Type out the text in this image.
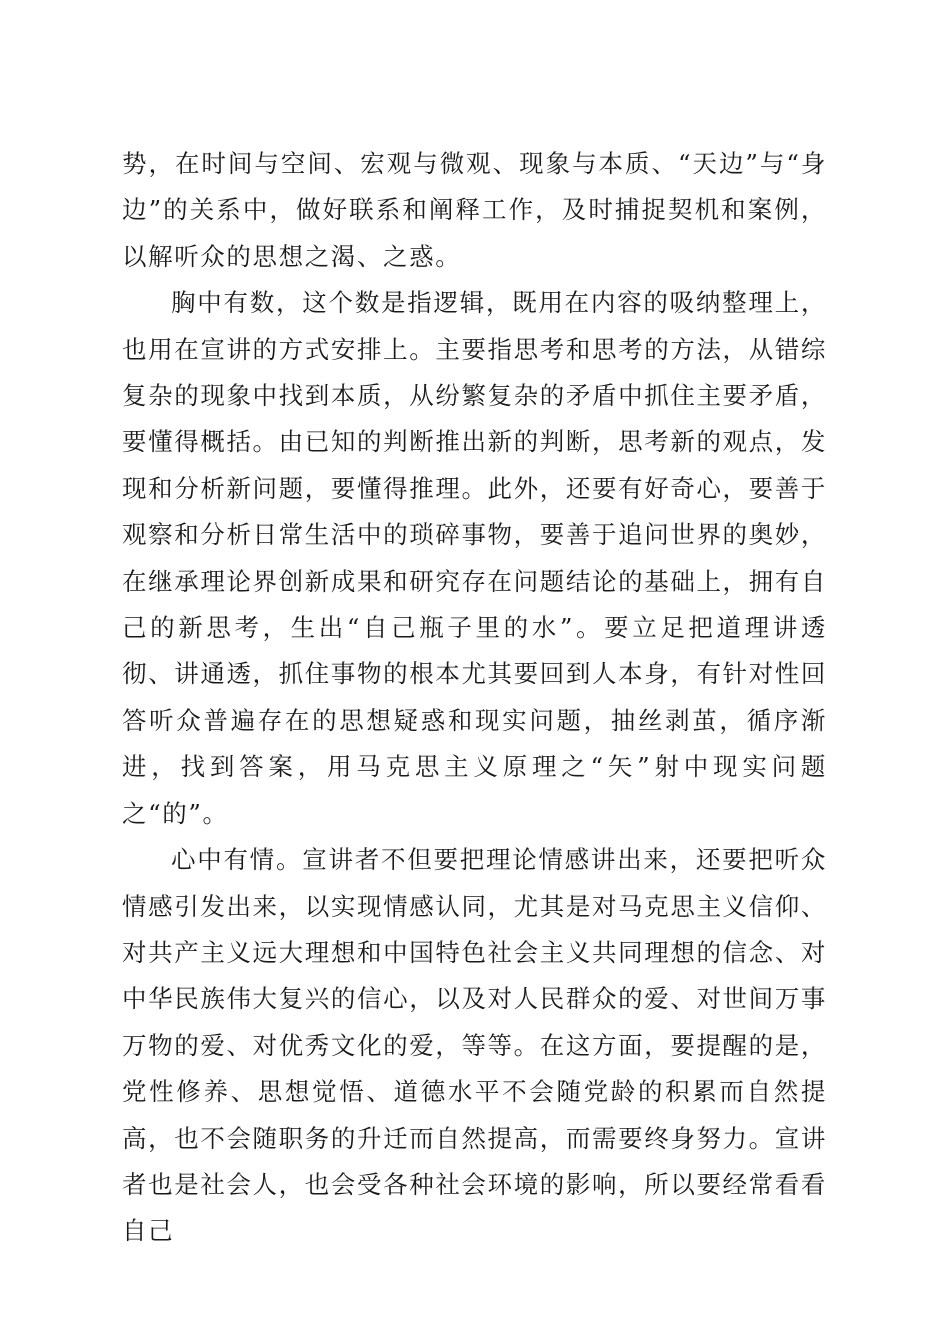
势，在时间与空间、宏观与微观、现象与本质、“天边”与“身边”的关系中，做好联系和阐释工作，及时捕捉契机和案例，以解听众的思想之渴、之惑。

胸中有数，这个数是指逻辑，既用在内容的吸纳整理上，也用在宣讲的方式安排上。主要指思考和思考的方法，从错综复杂的现象中找到本质，从纷繁复杂的矛盾中抓住主要矛盾，要懂得概括。由已知的判断推出新的判断，思考新的观点，发现和分析新问题，要懂得推理。此外，还要有好奇心，要善于观察和分析日常生活中的琐碎事物，要善于追问世界的奥妙，在继承理论界创新成果和研究存在问题结论的基础上，拥有自己的新思考，生出“自己瓶子里的水”。要立足把道理讲透彻、讲通透，抓住事物的根本尤其要回到人本身，有针对性回答听众普遍存在的思想疑惑和现实问题，抽丝剥茧，循序渐进，找到答案，用马克思主义原理之“矢”射中现实问题之“的”。

心中有情。宣讲者不但要把理论情感讲出来，还要把听众情感引发出来，以实现情感认同，尤其是对马克思主义信仰、对共产主义远大理想和中国特色社会主义共同理想的信念、对中华民族伟大复兴的信心，以及对人民群众的爱、对世间万事万物的爱、对优秀文化的爱，等等。在这方面，要提醒的是，党性修养、思想觉悟、道德水平不会随党龄的积累而自然提高，也不会随职务的升迁而自然提高，而需要终身努力。宣讲者也是社会人，也会受各种社会环境的影响，所以要经常看看自己
